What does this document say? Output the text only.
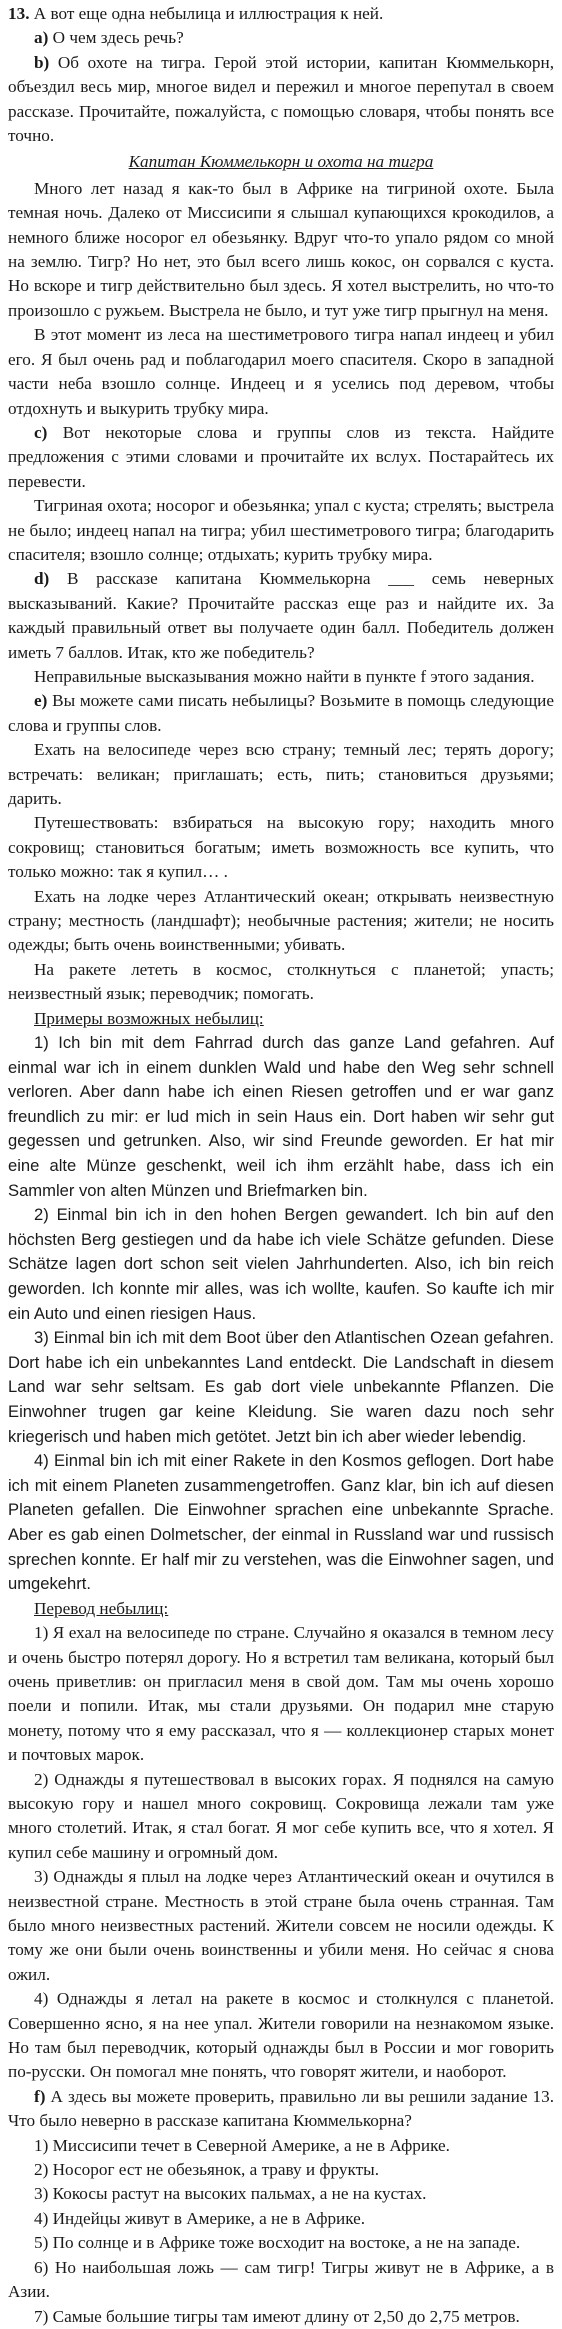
13. А вот еще одна небылица и иллюстрация к ней.

a) О чем здесь речь?

b) Об охоте на тигра. Герой этой истории, капитан Кюммелькорн, объездил весь мир, многое видел и пережил и многое перепутал в своем рассказе. Прочитайте, пожалуйста, с помощью словаря, чтобы понять все точно.

Капитан Кюммелькорн и охота на тигра

Много лет назад я как-то был в Африке на тигриной охоте. Была темная ночь. Далеко от Миссисипи я слышал купающихся крокодилов, а немного ближе носорог ел обезьянку. Вдруг что-то упало рядом со мной на землю. Тигр? Но нет, это был всего лишь кокос, он сорвался с куста. Но вскоре и тигр действительно был здесь. Я хотел выстрелить, но что-то произошло с ружьем. Выстрела не было, и тут уже тигр прыгнул на меня.

В этот момент из леса на шестиметрового тигра напал индеец и убил его. Я был очень рад и поблагодарил моего спасителя. Скоро в западной части неба взошло солнце. Индеец и я уселись под деревом, чтобы отдохнуть и выкурить трубку мира.

c) Вот некоторые слова и группы слов из текста. Найдите предложения с этими словами и прочитайте их вслух. Постарайтесь их перевести.

Тигриная охота; носорог и обезьянка; упал с куста; стрелять; выстрела не было; индеец напал на тигра; убил шестиметрового тигра; благодарить спасителя; взошло солнце; отдыхать; курить трубку мира.

d) В рассказе капитана Кюммелькорна ___ семь неверных высказываний. Какие? Прочитайте рассказ еще раз и найдите их. За каждый правильный ответ вы получаете один балл. Победитель должен иметь 7 баллов. Итак, кто же победитель?

Неправильные высказывания можно найти в пункте f этого задания.

e) Вы можете сами писать небылицы? Возьмите в помощь следующие слова и группы слов.

Ехать на велосипеде через всю страну; темный лес; терять дорогу; встречать: великан; приглашать; есть, пить; становиться друзьями; дарить.

Путешествовать: взбираться на высокую гору; находить много сокровищ; становиться богатым; иметь возможность все купить, что только можно: так я купил… .

Ехать на лодке через Атлантический океан; открывать неизвестную страну; местность (ландшафт); необычные растения; жители; не носить одежды; быть очень воинственными; убивать.

На ракете лететь в космос, столкнуться с планетой; упасть; неизвестный язык; переводчик; помогать.

Примеры возможных небылиц:

1) Ich bin mit dem Fahrrad durch das ganze Land gefahren. Auf einmal war ich in einem dunklen Wald und habe den Weg sehr schnell verloren. Aber dann habe ich einen Riesen getroffen und er war ganz freundlich zu mir: er lud mich in sein Haus ein. Dort haben wir sehr gut gegessen und getrunken. Also, wir sind Freunde geworden. Er hat mir eine alte Münze geschenkt, weil ich ihm erzählt habe, dass ich ein Sammler von alten Münzen und Briefmarken bin.

2) Einmal bin ich in den hohen Bergen gewandert. Ich bin auf den höchsten Berg gestiegen und da habe ich viele Schätze gefunden. Diese Schätze lagen dort schon seit vielen Jahrhunderten. Also, ich bin reich geworden. Ich konnte mir alles, was ich wollte, kaufen. So kaufte ich mir ein Auto und einen riesigen Haus.

3) Einmal bin ich mit dem Boot über den Atlantischen Ozean gefahren. Dort habe ich ein unbekanntes Land entdeckt. Die Landschaft in diesem Land war sehr seltsam. Es gab dort viele unbekannte Pflanzen. Die Einwohner trugen gar keine Kleidung. Sie waren dazu noch sehr kriegerisch und haben mich getötet. Jetzt bin ich aber wieder lebendig.

4) Einmal bin ich mit einer Rakete in den Kosmos geflogen. Dort habe ich mit einem Planeten zusammengetroffen. Ganz klar, bin ich auf diesen Planeten gefallen. Die Einwohner sprachen eine unbekannte Sprache. Aber es gab einen Dolmetscher, der einmal in Russland war und russisch sprechen konnte. Er half mir zu verstehen, was die Einwohner sagen, und umgekehrt.

Перевод небылиц:

1) Я ехал на велосипеде по стране. Случайно я оказался в темном лесу и очень быстро потерял дорогу. Но я встретил там великана, который был очень приветлив: он пригласил меня в свой дом. Там мы очень хорошо поели и попили. Итак, мы стали друзьями. Он подарил мне старую монету, потому что я ему рассказал, что я — коллекционер старых монет и почтовых марок.

2) Однажды я путешествовал в высоких горах. Я поднялся на самую высокую гору и нашел много сокровищ. Сокровища лежали там уже много столетий. Итак, я стал богат. Я мог себе купить все, что я хотел. Я купил себе машину и огромный дом.

3) Однажды я плыл на лодке через Атлантический океан и очутился в неизвестной стране. Местность в этой стране была очень странная. Там было много неизвестных растений. Жители совсем не носили одежды. К тому же они были очень воинственны и убили меня. Но сейчас я снова ожил.

4) Однажды я летал на ракете в космос и столкнулся с планетой. Совершенно ясно, я на нее упал. Жители говорили на незнакомом языке. Но там был переводчик, который однажды был в России и мог говорить по-русски. Он помогал мне понять, что говорят жители, и наоборот.

f) А здесь вы можете проверить, правильно ли вы решили задание 13. Что было неверно в рассказе капитана Кюммелькорна?

1) Миссисипи течет в Северной Америке, а не в Африке.

2) Носорог ест не обезьянок, а траву и фрукты.

3) Кокосы растут на высоких пальмах, а не на кустах.

4) Индейцы живут в Америке, а не в Африке.

5) По солнце и в Африке тоже восходит на востоке, а не на западе.

6) Но наибольшая ложь — сам тигр! Тигры живут не в Африке, а в Азии.

7) Самые большие тигры там имеют длину от 2,50 до 2,75 метров.
